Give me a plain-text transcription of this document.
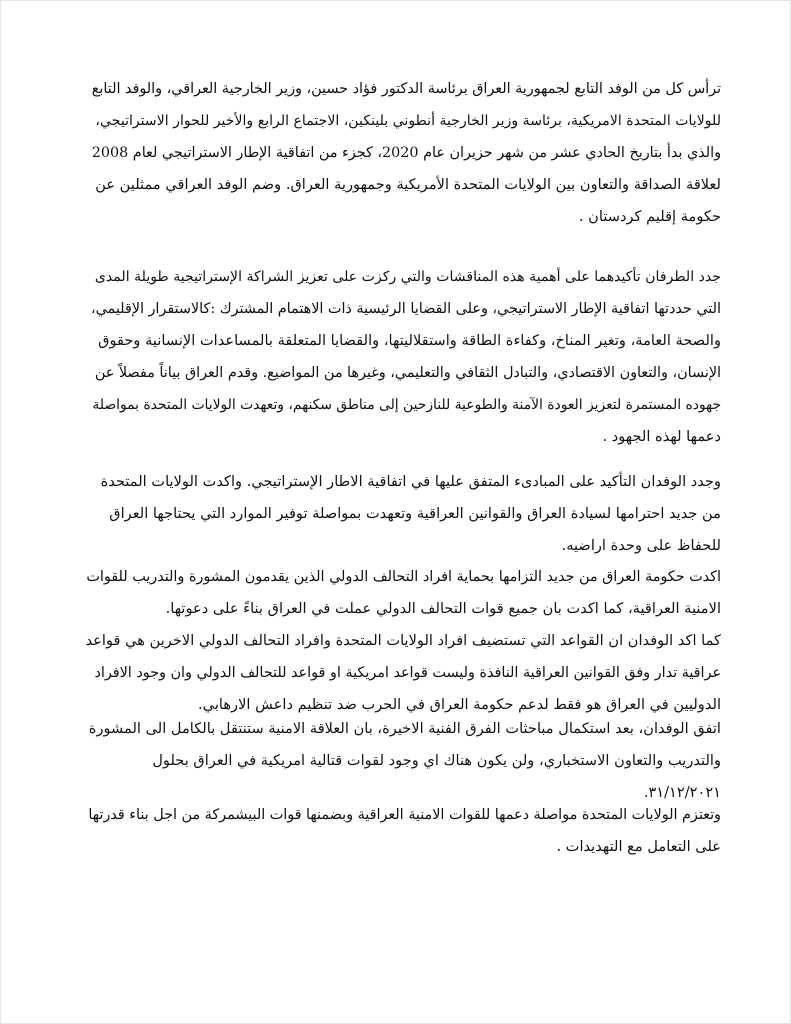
ترأس كل من الوفد التابع لجمهورية العراق برئاسة الدكتور فؤاد حسين، وزير الخارجية العراقي، والوفد التابع
للولايات المتحدة الامريكية، برئاسة وزير الخارجية أنطوني بلينكين، الاجتماع الرابع والأخير للحوار الاستراتيجي،
والذي بدأ بتاريخ الحادي عشر من شهر حزيران عام 2020، كجزء من اتفاقية الإطار الاستراتيجي لعام 2008
لعلاقة الصداقة والتعاون بين الولايات المتحدة الأمريكية وجمهورية العراق. وضم الوفد العراقي ممثلين عن
حكومة إقليم كردستان .
جدد الطرفان تأكيدهما على أهمية هذه المناقشات والتي ركزت على تعزيز الشراكة الإستراتيجية طويلة المدى
التي حددتها اتفاقية الإطار الاستراتيجي، وعلى القضايا الرئيسية ذات الاهتمام المشترك :كالاستقرار الإقليمي،
والصحة العامة، وتغير المناخ، وكفاءة الطاقة واستقلاليتها، والقضايا المتعلقة بالمساعدات الإنسانية وحقوق
الإنسان، والتعاون الاقتصادي، والتبادل الثقافي والتعليمي، وغيرها من المواضيع. وقدم العراق بياناً مفصلاً عن
جهوده المستمرة لتعزيز العودة الآمنة والطوعية للنازحين إلى مناطق سكنهم، وتعهدت الولايات المتحدة بمواصلة
دعمها لهذه الجهود .
وجدد الوفدان التأكيد على المبادىء المتفق عليها في اتفاقية الاطار الإستراتيجي. واكدت الولايات المتحدة
من جديد احترامها لسيادة العراق والقوانين العراقية وتعهدت بمواصلة توفير الموارد التي يحتاجها العراق
للحفاظ على وحدة اراضيه.
اكدت حكومة العراق من جديد التزامها بحماية افراد التحالف الدولي الذين يقدمون المشورة والتدريب للقوات
الامنية العراقية، كما اكدت بان جميع قوات التحالف الدولي عملت في العراق بناءً على دعوتها.
كما اكد الوفدان ان القواعد التي تستضيف افراد الولايات المتحدة وافراد التحالف الدولي الاخرين هي قواعد
عراقية تدار وفق القوانين العراقية النافذة وليست قواعد امريكية او قواعد للتحالف الدولي وان وجود الافراد
الدوليين في العراق هو فقط لدعم حكومة العراق في الحرب ضد تنظيم داعش الارهابي.
اتفق الوفدان، بعد استكمال مباحثات الفرق الفنية الاخيرة، بان العلاقة الامنية ستنتقل بالكامل الى المشورة
والتدريب والتعاون الاستخباري، ولن يكون هناك اي وجود لقوات قتالية امريكية في العراق بحلول
٣١/١٢/٢٠٢١.
وتعتزم الولايات المتحدة مواصلة دعمها للقوات الامنية العراقية وبضمنها قوات البيشمركة من اجل بناء قدرتها
على التعامل مع التهديدات .
